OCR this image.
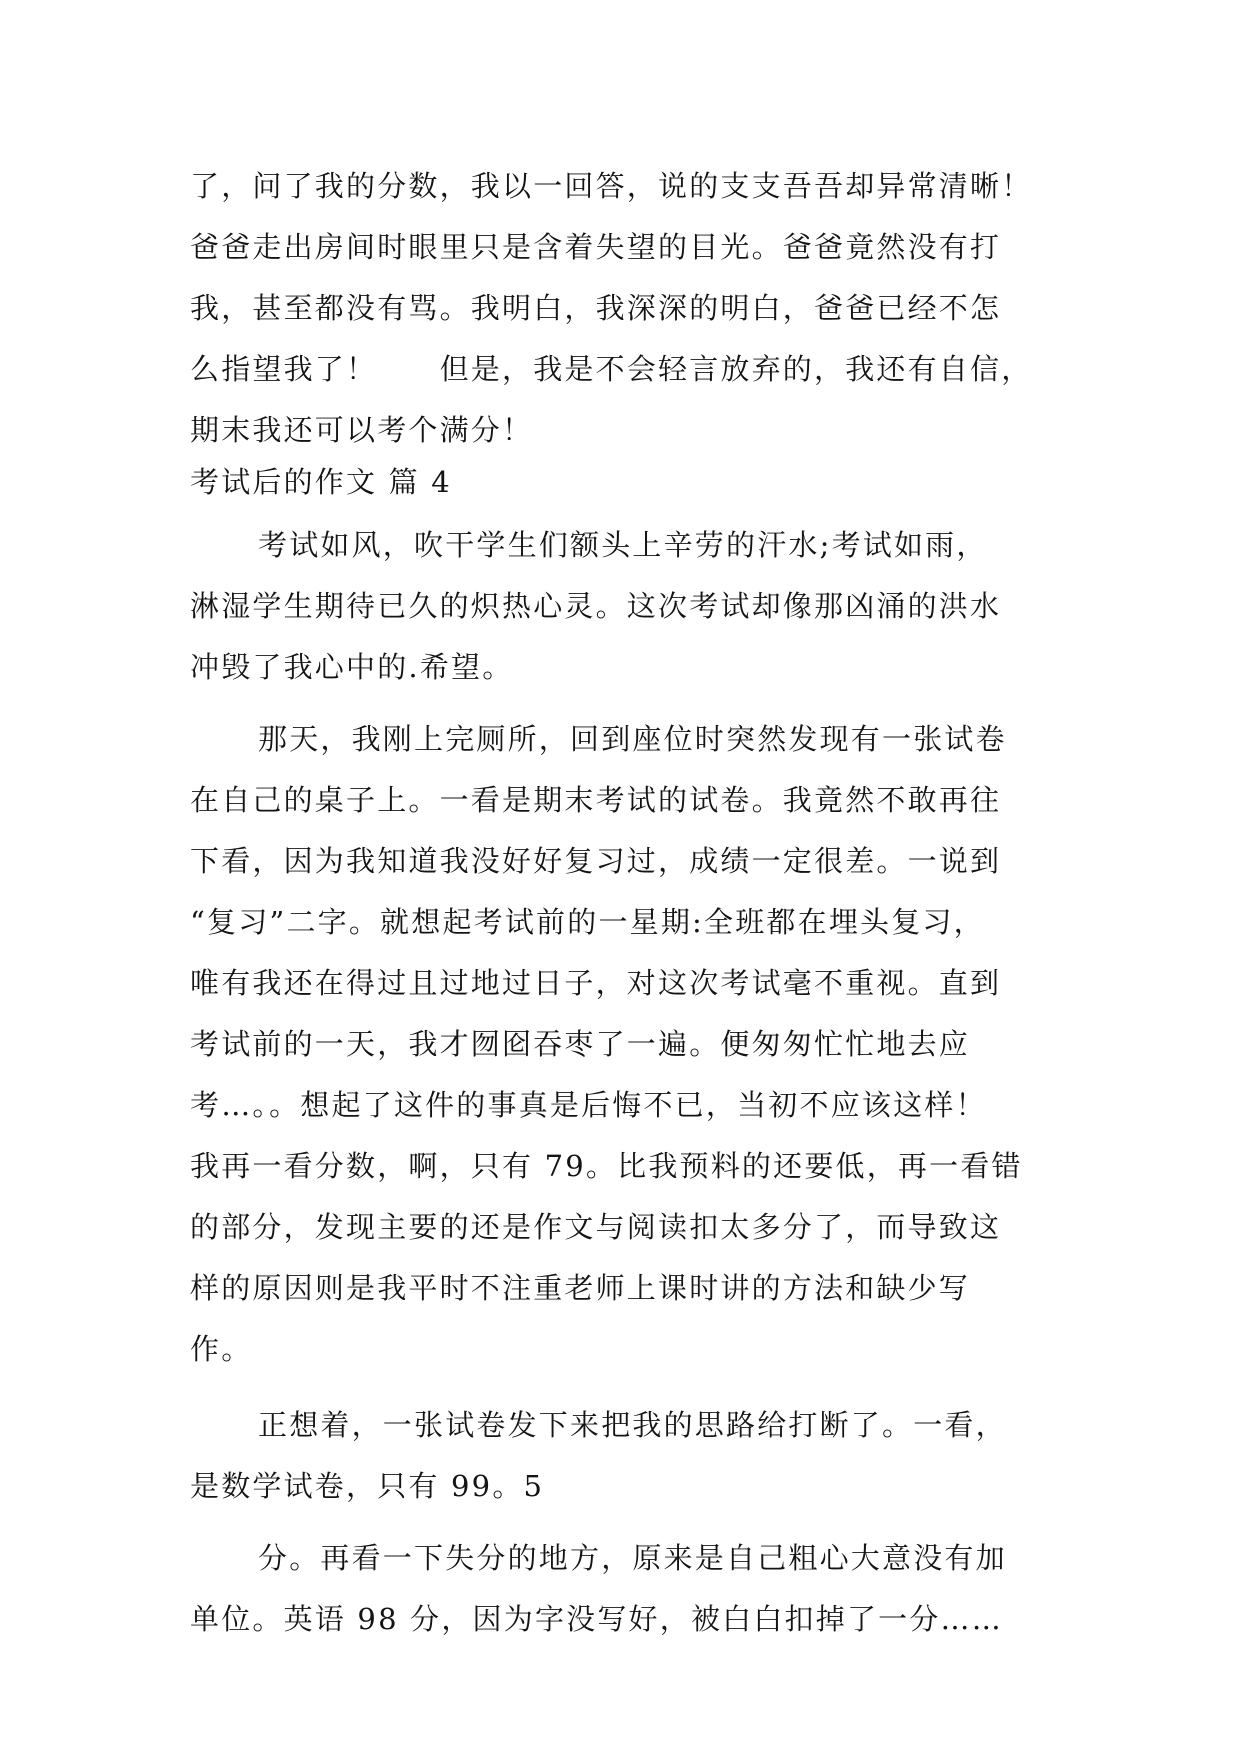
了，问了我的分数，我以一回答，说的支支吾吾却异常清晰！

爸爸走出房间时眼里只是含着失望的目光。爸爸竟然没有打

我，甚至都没有骂。我明白，我深深的明白，爸爸已经不怎

么指望我了！　　但是，我是不会轻言放弃的，我还有自信，

期末我还可以考个满分！

考试后的作文 篇 4

考试如风，吹干学生们额头上辛劳的汗水;考试如雨，

淋湿学生期待已久的炽热心灵。这次考试却像那凶涌的洪水

冲毁了我心中的.希望。

那天，我刚上完厕所，回到座位时突然发现有一张试卷

在自己的桌子上。一看是期末考试的试卷。我竟然不敢再往

下看，因为我知道我没好好复习过，成绩一定很差。一说到

“复习”二字。就想起考试前的一星期:全班都在埋头复习，

唯有我还在得过且过地过日子，对这次考试毫不重视。直到

考试前的一天，我才囫囵吞枣了一遍。便匆匆忙忙地去应

考…。。想起了这件的事真是后悔不已，当初不应该这样！

我再一看分数，啊，只有 79。比我预料的还要低，再一看错

的部分，发现主要的还是作文与阅读扣太多分了，而导致这

样的原因则是我平时不注重老师上课时讲的方法和缺少写

作。

正想着，一张试卷发下来把我的思路给打断了。一看，

是数学试卷，只有 99。5

分。再看一下失分的地方，原来是自己粗心大意没有加

单位。英语 98 分，因为字没写好，被白白扣掉了一分……
